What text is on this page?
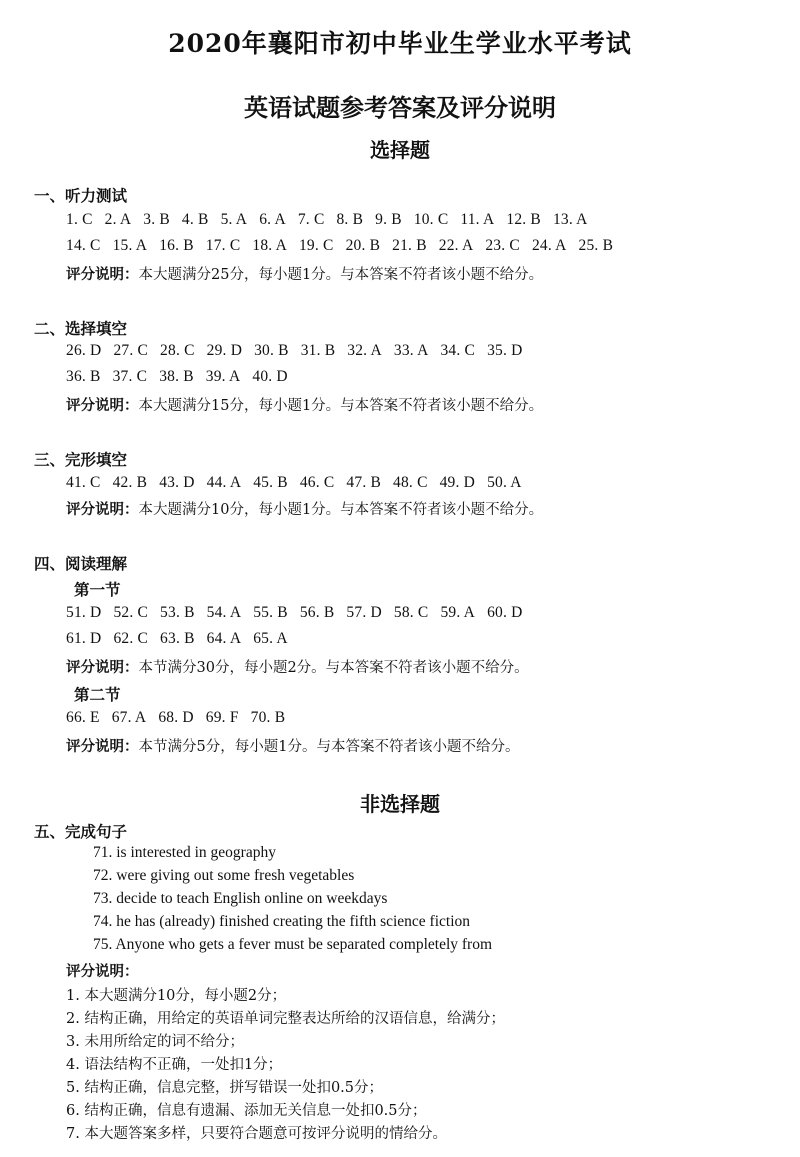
2020年襄阳市初中毕业生学业水平考试
英语试题参考答案及评分说明
选择题
一、听力测试
1. C 2. A 3. B 4. B 5. A 6. A 7. C 8. B 9. B 10. C 11. A 12. B 13. A
14. C 15. A 16. B 17. C 18. A 19. C 20. B 21. B 22. A 23. C 24. A 25. B
评分说明：本大题满分25分，每小题1分。与本答案不符者该小题不给分。
二、选择填空
26. D 27. C 28. C 29. D 30. B 31. B 32. A 33. A 34. C 35. D
36. B 37. C 38. B 39. A 40. D
评分说明：本大题满分15分，每小题1分。与本答案不符者该小题不给分。
三、完形填空
41. C 42. B 43. D 44. A 45. B 46. C 47. B 48. C 49. D 50. A
评分说明：本大题满分10分，每小题1分。与本答案不符者该小题不给分。
四、阅读理解
第一节
51. D 52. C 53. B 54. A 55. B 56. B 57. D 58. C 59. A 60. D
61. D 62. C 63. B 64. A 65. A
评分说明：本节满分30分，每小题2分。与本答案不符者该小题不给分。
第二节
66. E 67. A 68. D 69. F 70. B
评分说明：本节满分5分，每小题1分。与本答案不符者该小题不给分。
非选择题
五、完成句子
71. is interested in geography
72. were giving out some fresh vegetables
73. decide to teach English online on weekdays
74. he has (already) finished creating the fifth science fiction
75. Anyone who gets a fever must be separated completely from
评分说明：
1. 本大题满分10分，每小题2分；
2. 结构正确，用给定的英语单词完整表达所给的汉语信息，给满分；
3. 未用所给定的词不给分；
4. 语法结构不正确，一处扣1分；
5. 结构正确，信息完整，拼写错误一处扣0.5分；
6. 结构正确，信息有遗漏、添加无关信息一处扣0.5分；
7. 本大题答案多样，只要符合题意可按评分说明的情给分。
